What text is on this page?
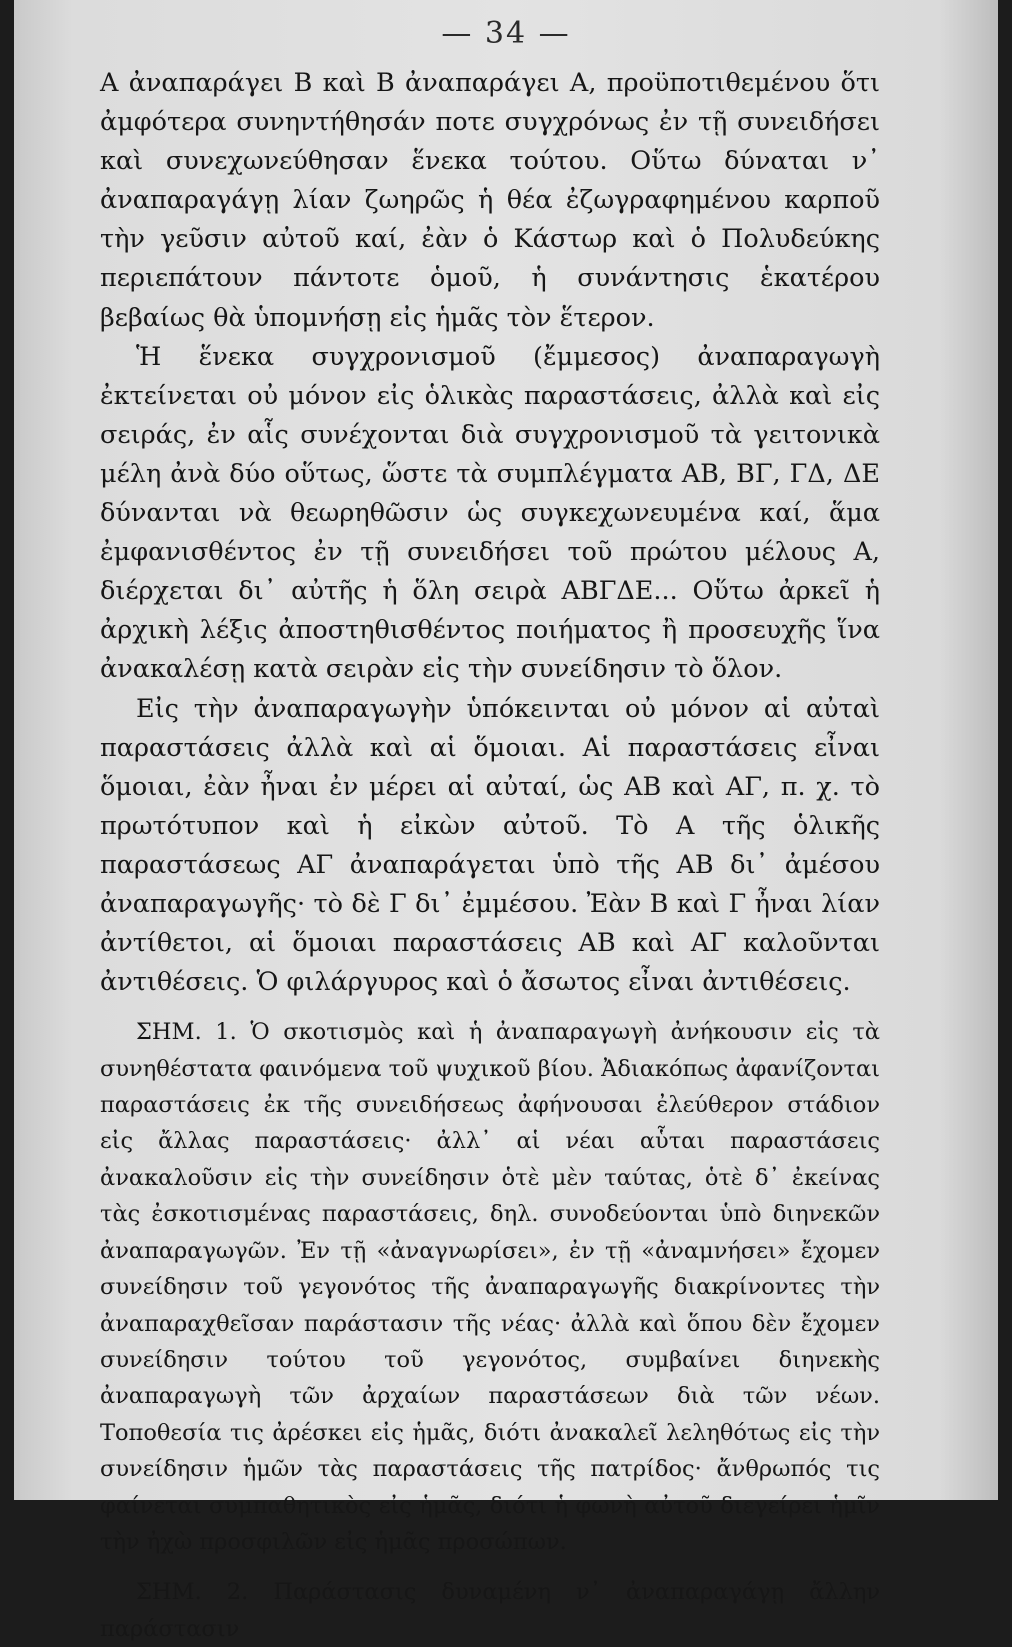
— 34 —

Α ἀναπαράγει Β καὶ Β ἀναπαράγει Α, προϋποτιθεμένου ὅτι ἀμφότερα συνηντήθησάν ποτε συγχρόνως ἐν τῇ συνειδήσει καὶ συνεχωνεύθησαν ἕνεκα τούτου. Οὕτω δύναται ν᾽ ἀναπαραγάγῃ λίαν ζωηρῶς ἡ θέα ἐζωγραφημένου καρποῦ τὴν γεῦσιν αὐτοῦ καί, ἐὰν ὁ Κάστωρ καὶ ὁ Πολυδεύκης περιεπάτουν πάντοτε ὁμοῦ, ἡ συνάντησις ἑκατέρου βεβαίως θὰ ὑπομνήσῃ εἰς ἡμᾶς τὸν ἕτερον.

Ἡ ἕνεκα συγχρονισμοῦ (ἔμμεσος) ἀναπαραγωγὴ ἐκτείνεται οὐ μόνον εἰς ὁλικὰς παραστάσεις, ἀλλὰ καὶ εἰς σειράς, ἐν αἷς συνέχονται διὰ συγχρονισμοῦ τὰ γειτονικὰ μέλη ἀνὰ δύο οὕτως, ὥστε τὰ συμπλέγματα ΑΒ, ΒΓ, ΓΔ, ΔΕ δύνανται νὰ θεωρηθῶσιν ὡς συγκεχωνευμένα καί, ἅμα ἐμφανισθέντος ἐν τῇ συνειδήσει τοῦ πρώτου μέλους Α, διέρχεται δι᾽ αὐτῆς ἡ ὅλη σειρὰ ΑΒΓΔΕ... Οὕτω ἀρκεῖ ἡ ἀρχικὴ λέξις ἀποστηθισθέντος ποιήματος ἢ προσευχῆς ἵνα ἀνακαλέσῃ κατὰ σειρὰν εἰς τὴν συνείδησιν τὸ ὅλον.

Εἰς τὴν ἀναπαραγωγὴν ὑπόκεινται οὐ μόνον αἱ αὐταὶ παραστάσεις ἀλλὰ καὶ αἱ ὅμοιαι. Αἱ παραστάσεις εἶναι ὅμοιαι, ἐὰν ἦναι ἐν μέρει αἱ αὐταί, ὡς ΑΒ καὶ ΑΓ, π. χ. τὸ πρωτότυπον καὶ ἡ εἰκὼν αὐτοῦ. Τὸ Α τῆς ὁλικῆς παραστάσεως ΑΓ ἀναπαράγεται ὑπὸ τῆς ΑΒ δι᾽ ἀμέσου ἀναπαραγωγῆς· τὸ δὲ Γ δι᾽ ἐμμέσου. Ἐὰν Β καὶ Γ ἦναι λίαν ἀντίθετοι, αἱ ὅμοιαι παραστάσεις ΑΒ καὶ ΑΓ καλοῦνται ἀντιθέσεις. Ὁ φιλάργυρος καὶ ὁ ἄσωτος εἶναι ἀντιθέσεις.

ΣΗΜ. 1. Ὁ σκοτισμὸς καὶ ἡ ἀναπαραγωγὴ ἀνήκουσιν εἰς τὰ συνηθέστατα φαινόμενα τοῦ ψυχικοῦ βίου. Ἀδιακόπως ἀφανίζονται παραστάσεις ἐκ τῆς συνειδήσεως ἀφήνουσαι ἐλεύθερον στάδιον εἰς ἄλλας παραστάσεις· ἀλλ᾽ αἱ νέαι αὗται παραστάσεις ἀνακαλοῦσιν εἰς τὴν συνείδησιν ὁτὲ μὲν ταύτας, ὁτὲ δ᾽ ἐκείνας τὰς ἐσκοτισμένας παραστάσεις, δηλ. συνοδεύονται ὑπὸ διηνεκῶν ἀναπαραγωγῶν. Ἐν τῇ «ἀναγνωρίσει», ἐν τῇ «ἀναμνήσει» ἔχομεν συνείδησιν τοῦ γεγονότος τῆς ἀναπαραγωγῆς διακρίνοντες τὴν ἀναπαραχθεῖσαν παράστασιν τῆς νέας· ἀλλὰ καὶ ὅπου δὲν ἔχομεν συνείδησιν τούτου τοῦ γεγονότος, συμβαίνει διηνεκὴς ἀναπαραγωγὴ τῶν ἀρχαίων παραστάσεων διὰ τῶν νέων. Τοποθεσία τις ἀρέσκει εἰς ἡμᾶς, διότι ἀνακαλεῖ λεληθότως εἰς τὴν συνείδησιν ἡμῶν τὰς παραστάσεις τῆς πατρίδος· ἄνθρωπός τις φαίνεται συμπαθητικὸς εἰς ἡμᾶς, διότι ἡ φωνὴ αὐτοῦ διεγείρει ἡμῖν τὴν ἠχὼ προσφιλῶν εἰς ἡμᾶς προσώπων.

ΣΗΜ. 2. Παράστασις δυναμένη ν᾽ ἀναπαραγάγῃ ἄλλην παράστασιν
